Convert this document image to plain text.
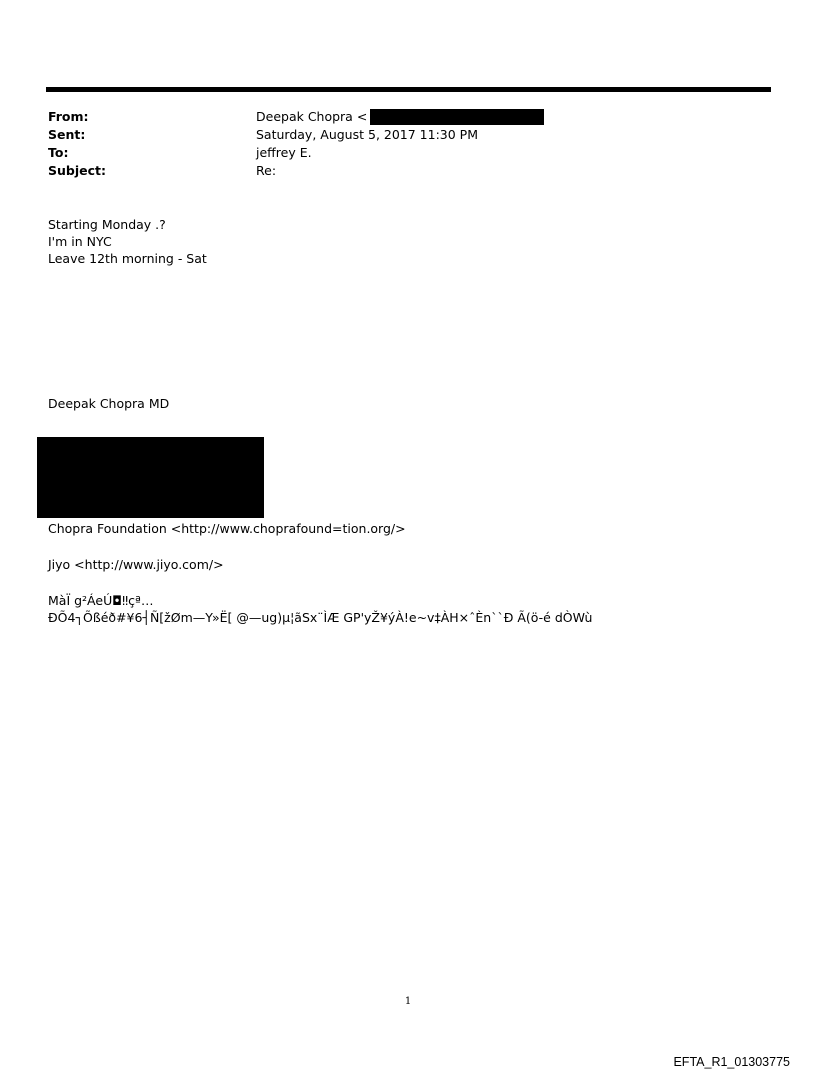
From:	Deepak Chopra <
Sent:	Saturday, August 5, 2017 11:30 PM
To:	jeffrey E.
Subject:	Re:
Starting Monday .?
I'm in NYC
Leave 12th morning - Sat
Deepak Chopra MD
Chopra Foundation <http://www.choprafound=tion.org/>
Jiyo <http://www.jiyo.com/>
MàÏ g²ÁeÚ◘‼çª…
ÐÕ4┐Õßéð#¥6┤Ñ[žØm—Y»Ë[ @—ug)µ¦ãSx¨ÌÆ GP'yŽ¥ýÀ!e~v‡ÀH×ˆÈn``Ð Ã(ö-é dÒWù
1
EFTA_R1_01303775
